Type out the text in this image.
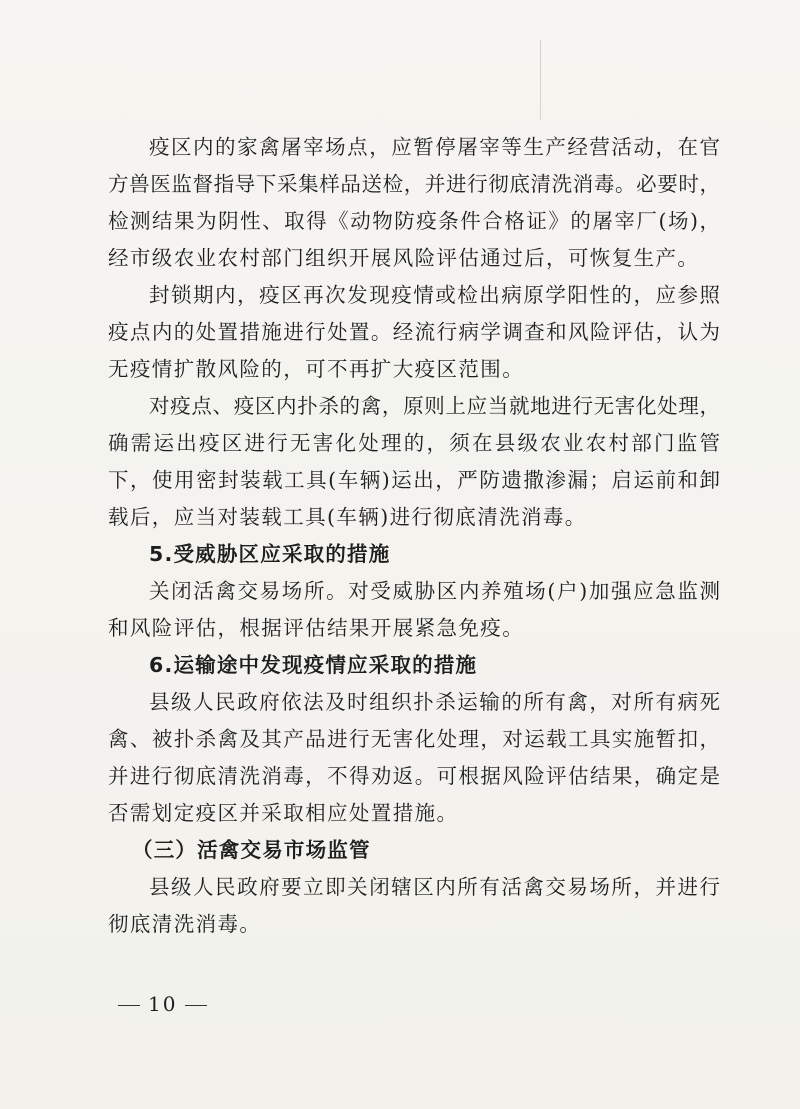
疫区内的家禽屠宰场点，应暂停屠宰等生产经营活动，在官
方兽医监督指导下采集样品送检，并进行彻底清洗消毒。必要时，
检测结果为阴性、取得《动物防疫条件合格证》的屠宰厂(场)，
经市级农业农村部门组织开展风险评估通过后，可恢复生产。
封锁期内，疫区再次发现疫情或检出病原学阳性的，应参照
疫点内的处置措施进行处置。经流行病学调查和风险评估，认为
无疫情扩散风险的，可不再扩大疫区范围。
对疫点、疫区内扑杀的禽，原则上应当就地进行无害化处理，
确需运出疫区进行无害化处理的，须在县级农业农村部门监管
下，使用密封装载工具(车辆)运出，严防遗撒渗漏；启运前和卸
载后，应当对装载工具(车辆)进行彻底清洗消毒。
5.受威胁区应采取的措施
关闭活禽交易场所。对受威胁区内养殖场(户)加强应急监测
和风险评估，根据评估结果开展紧急免疫。
6.运输途中发现疫情应采取的措施
县级人民政府依法及时组织扑杀运输的所有禽，对所有病死
禽、被扑杀禽及其产品进行无害化处理，对运载工具实施暂扣，
并进行彻底清洗消毒，不得劝返。可根据风险评估结果，确定是
否需划定疫区并采取相应处置措施。
（三）活禽交易市场监管
县级人民政府要立即关闭辖区内所有活禽交易场所，并进行
彻底清洗消毒。
10
